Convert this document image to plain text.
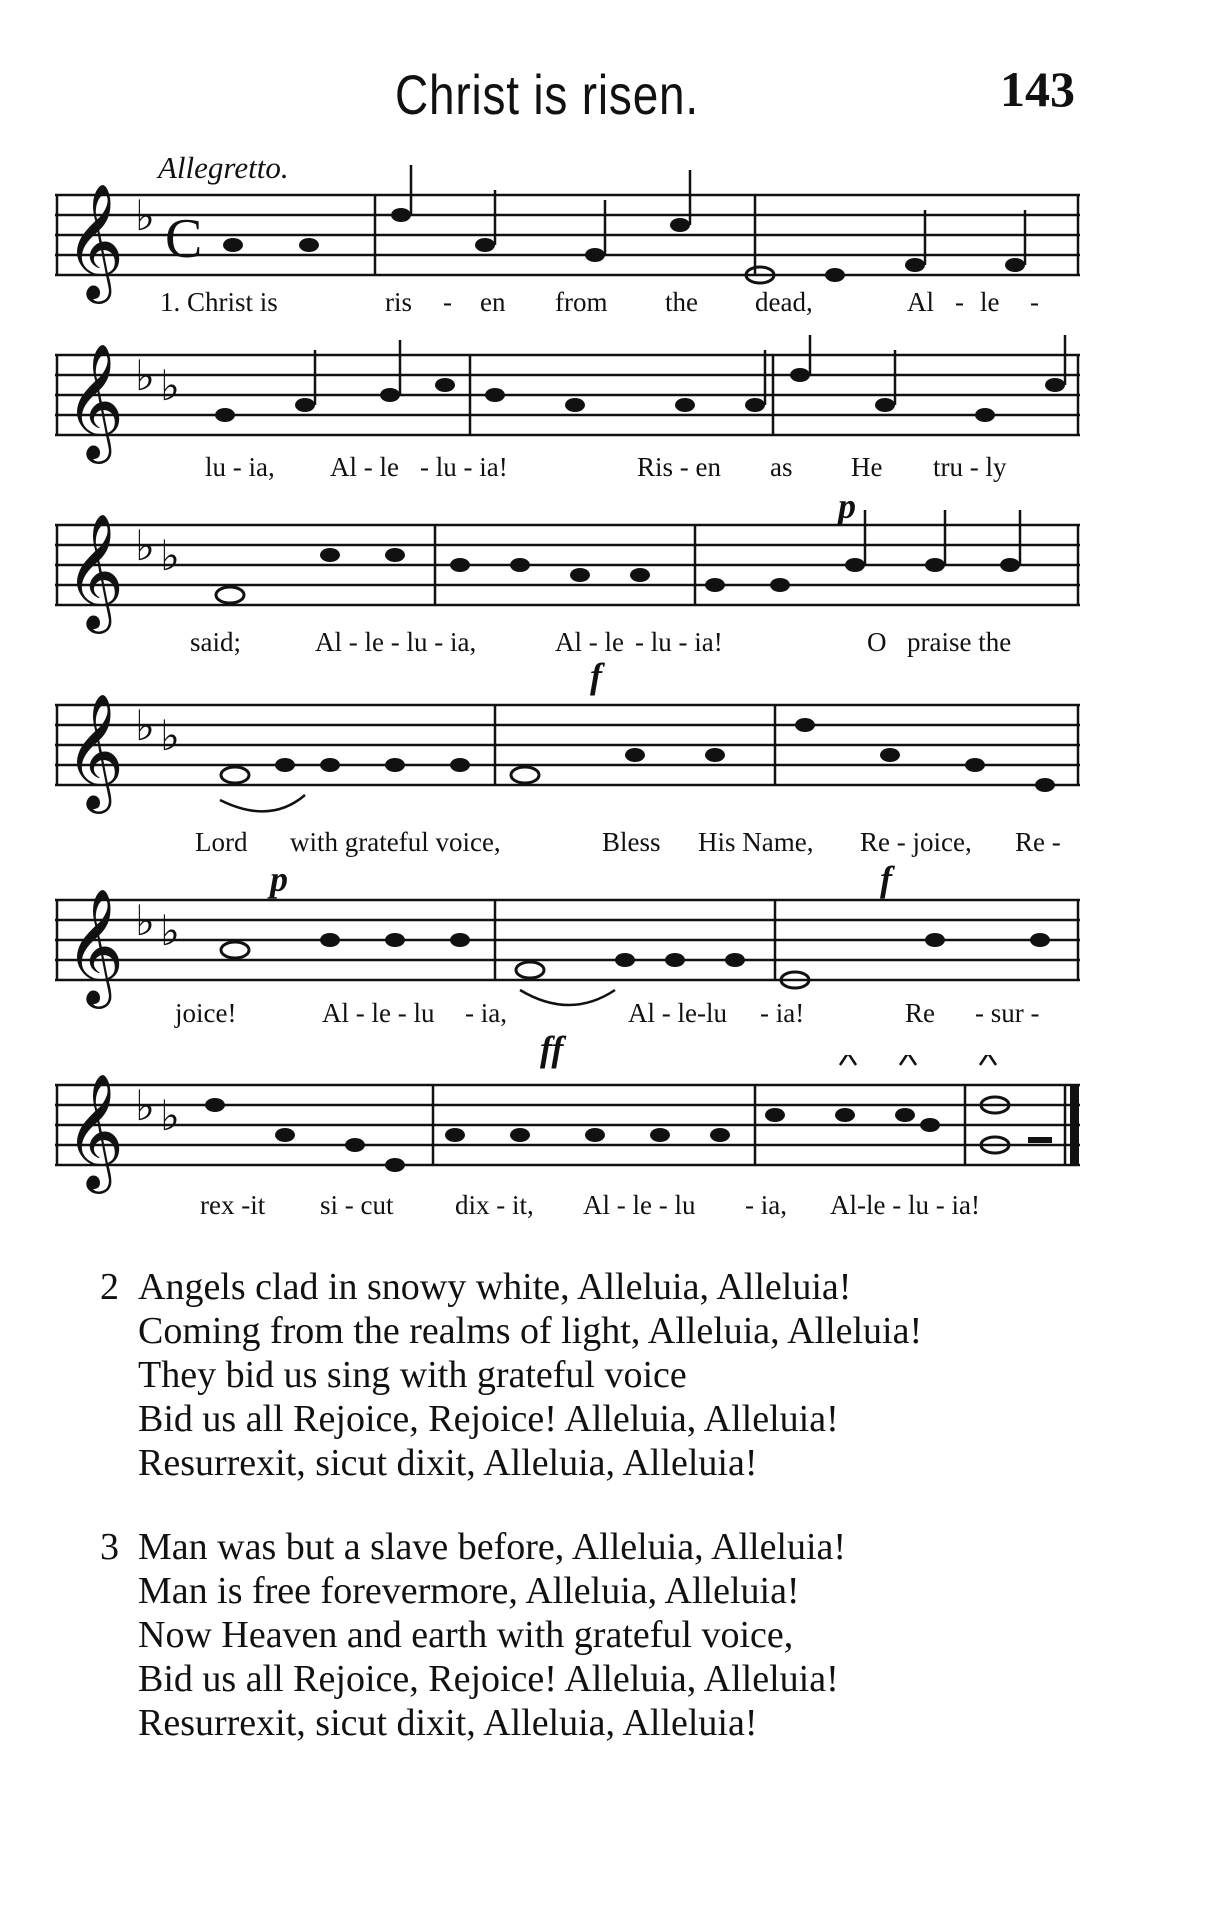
Christ is risen.	143
Allegretto.
p
f
p	f
ff
𝄞 ♭ C
1. Christ is	ris - en from the dead,	Al - le -
𝄞 ♭ ♭
lu - ia, Al - le - lu - ia!	Ris - en as He tru - ly
𝄞 ♭ ♭
said;	Al - le - lu - ia,	Al - le - lu - ia!	O praise the
𝄞 ♭ ♭
Lord with grateful voice,	Bless His Name, Re - joice, Re -
𝄞 ♭ ♭
joice!	Al - le - lu - ia,	Al - le-lu - ia!	Re - sur -
𝄞 ♭ ♭
rex -it si - cut dix - it, Al - le - lu - ia, Al-le - lu - ia!
2 Angels clad in snowy white, Alleluia, Alleluia!
Coming from the realms of light, Alleluia, Alleluia!
They bid us sing with grateful voice
Bid us all Rejoice, Rejoice! Alleluia, Alleluia!
Resurrexit, sicut dixit, Alleluia, Alleluia!
3 Man was but a slave before, Alleluia, Alleluia!
Man is free forevermore, Alleluia, Alleluia!
Now Heaven and earth with grateful voice,
Bid us all Rejoice, Rejoice! Alleluia, Alleluia!
Resurrexit, sicut dixit, Alleluia, Alleluia!
